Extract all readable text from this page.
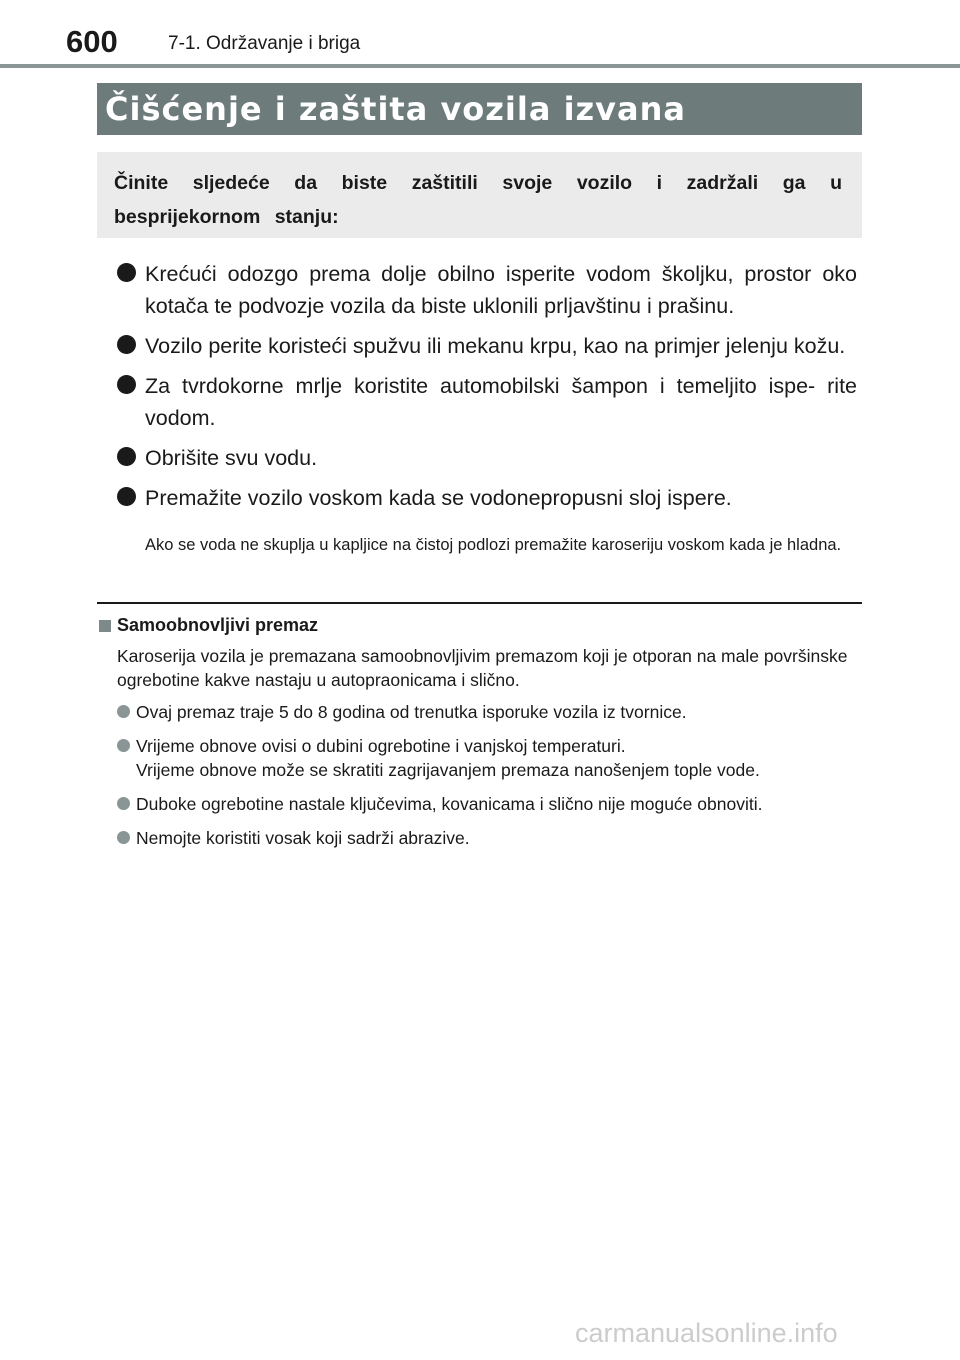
600	7-1. Održavanje i briga
Čišćenje i zaštita vozila izvana
Činite sljedeće da biste zaštitili svoje vozilo i zadržali ga u besprijekornom stanju:
Krećući odozgo prema dolje obilno isperite vodom školjku, prostor oko kotača te podvozje vozila da biste uklonili prljavštinu i prašinu.
Vozilo perite koristeći spužvu ili mekanu krpu, kao na primjer jelenju kožu.
Za tvrdokorne mrlje koristite automobilski šampon i temeljito ispe- rite vodom.
Obrišite svu vodu.
Premažite vozilo voskom kada se vodonepropusni sloj ispere.
Ako se voda ne skuplja u kapljice na čistoj podlozi premažite karoseriju voskom kada je hladna.
Samoobnovljivi premaz
Karoserija vozila je premazana samoobnovljivim premazom koji je otporan na male površinske ogrebotine kakve nastaju u autopraonicama i slično.
Ovaj premaz traje 5 do 8 godina od trenutka isporuke vozila iz tvornice.
Vrijeme obnove ovisi o dubini ogrebotine i vanjskoj temperaturi.
Vrijeme obnove može se skratiti zagrijavanjem premaza nanošenjem tople vode.
Duboke ogrebotine nastale ključevima, kovanicama i slično nije moguće obnoviti.
Nemojte koristiti vosak koji sadrži abrazive.
carmanualsonline.info
